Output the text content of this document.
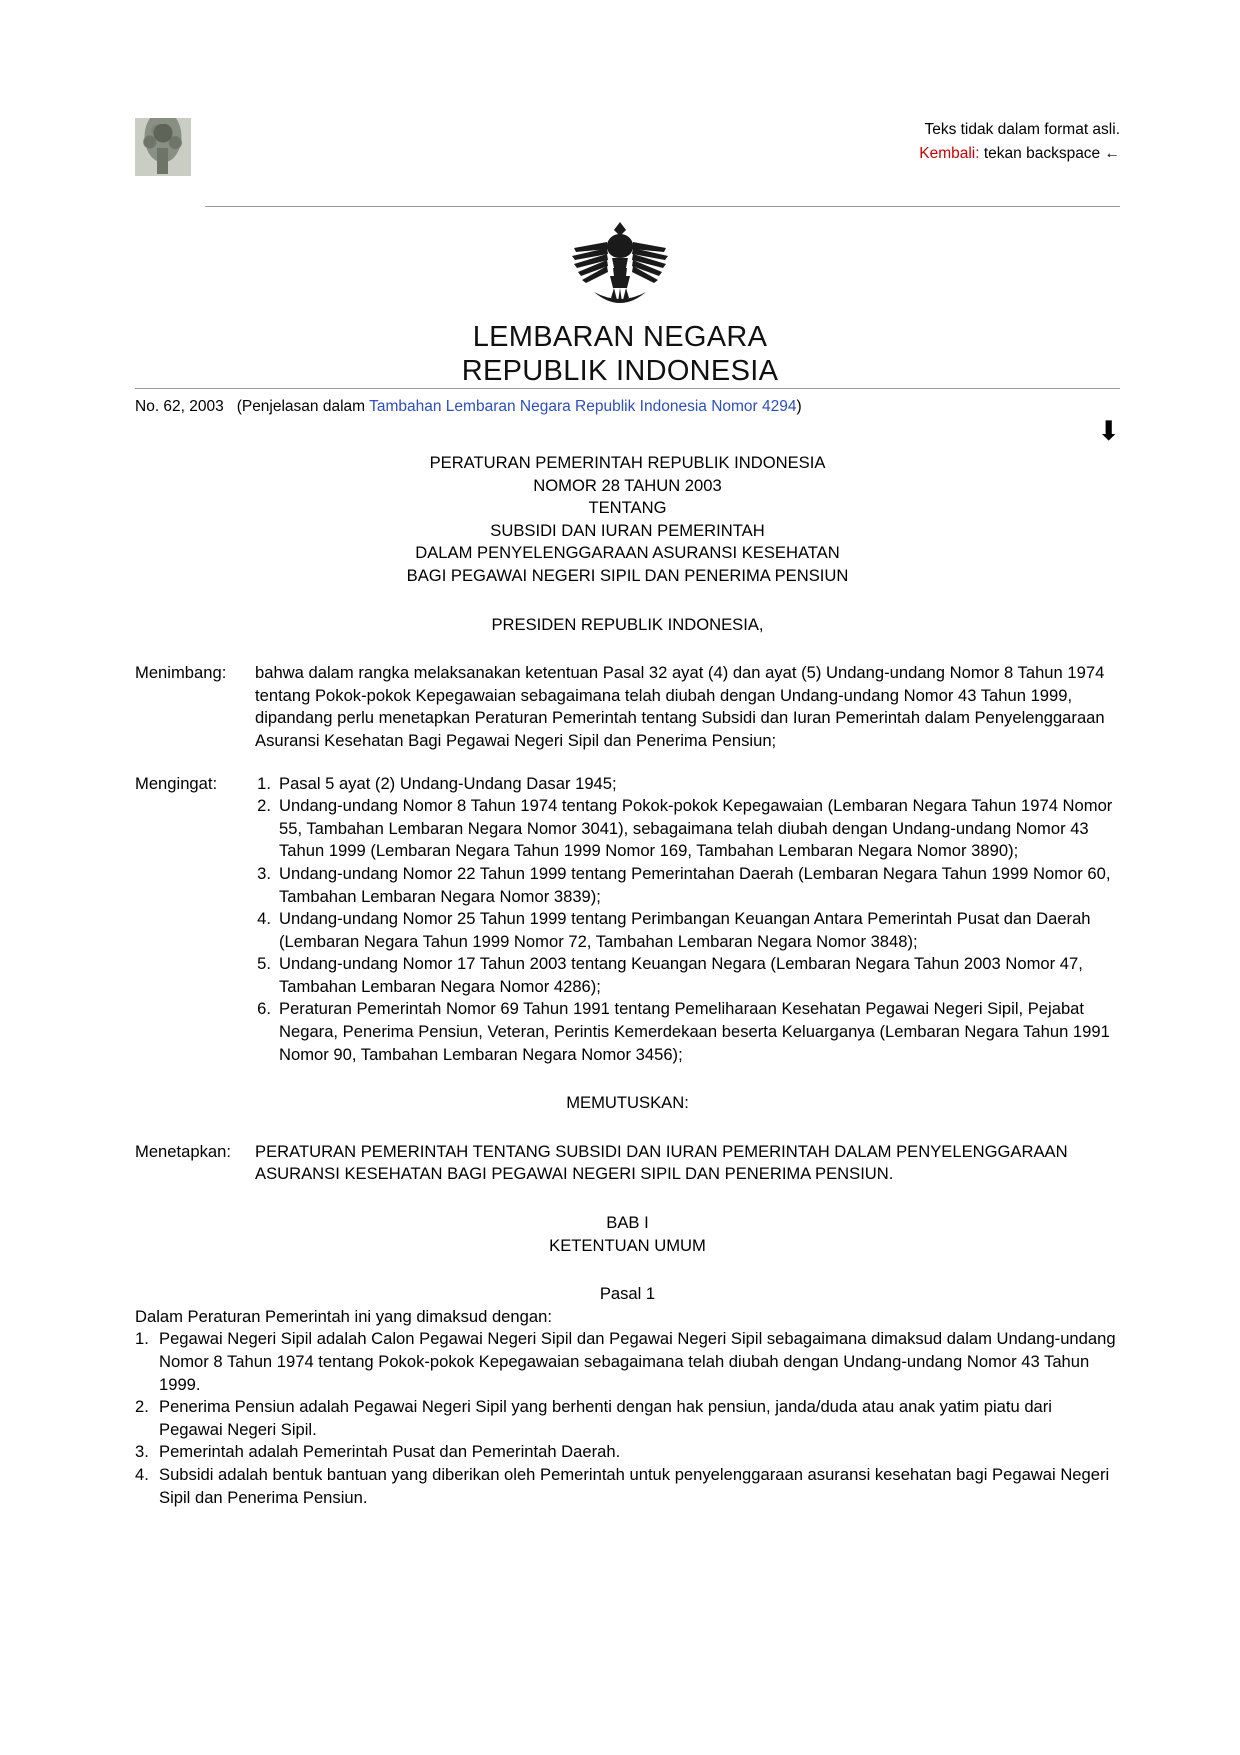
Teks tidak dalam format asli.
Kembali: tekan backspace ←
LEMBARAN NEGARA
REPUBLIK INDONESIA
No. 62, 2003 (Penjelasan dalam Tambahan Lembaran Negara Republik Indonesia Nomor 4294)
⬇
PERATURAN PEMERINTAH REPUBLIK INDONESIA
NOMOR 28 TAHUN 2003
TENTANG
SUBSIDI DAN IURAN PEMERINTAH
DALAM PENYELENGGARAAN ASURANSI KESEHATAN
BAGI PEGAWAI NEGERI SIPIL DAN PENERIMA PENSIUN
PRESIDEN REPUBLIK INDONESIA,
Menimbang:	bahwa dalam rangka melaksanakan ketentuan Pasal 32 ayat (4) dan ayat (5) Undang-undang Nomor 8 Tahun 1974 tentang Pokok-pokok Kepegawaian sebagaimana telah diubah dengan Undang-undang Nomor 43 Tahun 1999, dipandang perlu menetapkan Peraturan Pemerintah tentang Subsidi dan Iuran Pemerintah dalam Penyelenggaraan Asuransi Kesehatan Bagi Pegawai Negeri Sipil dan Penerima Pensiun;
Mengingat:	1. Pasal 5 ayat (2) Undang-Undang Dasar 1945;
2. Undang-undang Nomor 8 Tahun 1974 tentang Pokok-pokok Kepegawaian (Lembaran Negara Tahun 1974 Nomor 55, Tambahan Lembaran Negara Nomor 3041), sebagaimana telah diubah dengan Undang-undang Nomor 43 Tahun 1999 (Lembaran Negara Tahun 1999 Nomor 169, Tambahan Lembaran Negara Nomor 3890);
3. Undang-undang Nomor 22 Tahun 1999 tentang Pemerintahan Daerah (Lembaran Negara Tahun 1999 Nomor 60, Tambahan Lembaran Negara Nomor 3839);
4. Undang-undang Nomor 25 Tahun 1999 tentang Perimbangan Keuangan Antara Pemerintah Pusat dan Daerah (Lembaran Negara Tahun 1999 Nomor 72, Tambahan Lembaran Negara Nomor 3848);
5. Undang-undang Nomor 17 Tahun 2003 tentang Keuangan Negara (Lembaran Negara Tahun 2003 Nomor 47, Tambahan Lembaran Negara Nomor 4286);
6. Peraturan Pemerintah Nomor 69 Tahun 1991 tentang Pemeliharaan Kesehatan Pegawai Negeri Sipil, Pejabat Negara, Penerima Pensiun, Veteran, Perintis Kemerdekaan beserta Keluarganya (Lembaran Negara Tahun 1991 Nomor 90, Tambahan Lembaran Negara Nomor 3456);
MEMUTUSKAN:
Menetapkan:	PERATURAN PEMERINTAH TENTANG SUBSIDI DAN IURAN PEMERINTAH DALAM PENYELENGGARAAN ASURANSI KESEHATAN BAGI PEGAWAI NEGERI SIPIL DAN PENERIMA PENSIUN.
BAB I
KETENTUAN UMUM
Pasal 1
Dalam Peraturan Pemerintah ini yang dimaksud dengan:
1. Pegawai Negeri Sipil adalah Calon Pegawai Negeri Sipil dan Pegawai Negeri Sipil sebagaimana dimaksud dalam Undang-undang Nomor 8 Tahun 1974 tentang Pokok-pokok Kepegawaian sebagaimana telah diubah dengan Undang-undang Nomor 43 Tahun 1999.
2. Penerima Pensiun adalah Pegawai Negeri Sipil yang berhenti dengan hak pensiun, janda/duda atau anak yatim piatu dari Pegawai Negeri Sipil.
3. Pemerintah adalah Pemerintah Pusat dan Pemerintah Daerah.
4. Subsidi adalah bentuk bantuan yang diberikan oleh Pemerintah untuk penyelenggaraan asuransi kesehatan bagi Pegawai Negeri Sipil dan Penerima Pensiun.
